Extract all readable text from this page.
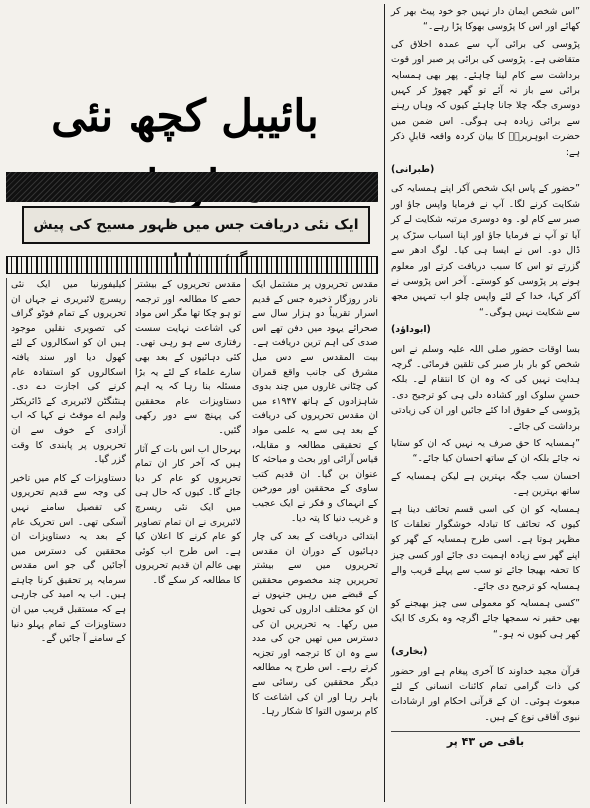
”اس شخص ایمان دار نہیں جو خود پیٹ بھر کر کھائے اور اس کا پڑوسی بھوکا پڑا رہے۔“

پڑوسی کی برائی آپ سے عمدہ اخلاق کی متقاضی ہے۔ پڑوسی کی برائی پر صبر اور قوت برداشت سے کام لینا چاہئے۔ پھر بھی ہمسایہ برائی سے باز نہ آئے تو گھر چھوڑ کر کہیں دوسری جگہ چلا جانا چاہئے کیوں کہ وہاں رہنے سے برائی زیادہ ہی ہوگی۔ اس ضمن میں حضرت ابوہریرہؓ کا بیان کردہ واقعہ قابلِ ذکر ہے:

(طبرانی)

”حضور کے پاس ایک شخص آکر اپنے ہمسایہ کی شکایت کرنے لگا۔ آپ نے فرمایا واپس جاؤ اور صبر سے کام لو۔ وہ دوسری مرتبہ شکایت لے کر آیا تو آپ نے فرمایا جاؤ اور اپنا اسباب سڑک پر ڈال دو۔ اس نے ایسا ہی کیا۔ لوگ ادھر سے گزرتے تو اس کا سبب دریافت کرتے اور معلوم ہونے پر پڑوسی کو کوستے۔ آخر اس پڑوسی نے آکر کہا، خدا کے لئے واپس چلو اب تمہیں مجھ سے شکایت نہیں ہوگی۔“

(ابوداؤد)

بسا اوقات حضور صلی اللہ علیہ وسلم نے اس شخص کو بار بار صبر کی تلقین فرمائی۔ گرچہ ہدایت نہیں کی کہ وہ ان کا انتقام لے۔ بلکہ حسنِ سلوک اور کشادہ دلی ہی کو ترجیح دی۔ پڑوسی کے حقوق ادا کئے جائیں اور ان کی زیادتی برداشت کی جائے۔

”ہمسایہ کا حق صرف یہ نہیں کہ ان کو ستایا نہ جائے بلکہ ان کے ساتھ احسان کیا جائے۔“

احسان سب جگہ بہترین ہے لیکن ہمسایہ کے ساتھ بہترین ہے۔

ہمسایہ کو ان کی اسی قسم تحائف دینا ہے کیوں کہ تحائف کا تبادلہ خوشگوار تعلقات کا مظہر ہوتا ہے۔ اسی طرح ہمسایہ کے گھر کو اپنے گھر سے زیادہ اہمیت دی جائے اور کسی چیز کا تحفہ بھیجا جائے تو سب سے پہلے قریب والے ہمسایہ کو ترجیح دی جائے۔

”کسی ہمسایہ کو معمولی سی چیز بھیجنے کو بھی حقیر نہ سمجھا جائے اگرچہ وہ بکری کا ایک کھر ہی کیوں نہ ہو۔“

(بخاری)

قرآن مجید خداوند کا آخری پیغام ہے اور حضور کی ذات گرامی تمام کائنات انسانی کے لئے مبعوث ہوئی۔ ان کے قرآنی احکام اور ارشادات نبوی آفاقی نوع کے ہیں۔

باقی ص ۴۳ پر
بائیبل کچھ نئی
ایک نئی دریافت جس میں ظہور مسیح کی پیش

مقدس تحریروں پر مشتمل ایک نادر روزگار ذخیرہ جس کے قدیم اسرار تقریباً دو ہزار سال سے صحرائے یہود میں دفن تھے اس صدی کی اہم ترین دریافت ہے۔ بیت المقدس سے دس میل مشرق کی جانب واقع قمران کی چٹانی غاروں میں چند بدوی شاہزادوں کے ہاتھ ۱۹۴۷ء میں ان مقدس تحریروں کی دریافت کے بعد ہی سے یہ علمی مواد کے تحقیقی مطالعہ و مقابلہ، قیاس آرائی اور بحث و مباحثہ کا عنوان بن گیا۔ ان قدیم کتب ساوی کے محققین اور مورخین کے انہماک و فکر نے ایک عجیب و غریب دنیا کا پتہ دیا۔

ابتدائی دریافت کے بعد کی چار دہائیوں کے دوران ان مقدس تحریروں میں سے بیشتر تحریریں چند مخصوص محققین کے قبضے میں رہیں جنہوں نے ان کو مختلف اداروں کی تحویل میں رکھا۔ یہ تحریریں ان کی دسترس میں تھیں جن کی مدد سے وہ ان کا ترجمہ اور تجزیہ کرتے رہے۔ اس طرح یہ مطالعہ دیگر محققین کی رسائی سے باہر رہا اور ان کی اشاعت کا کام برسوں التوا کا شکار رہا۔

مقدس تحریروں کے بیشتر حصے کا مطالعہ اور ترجمہ تو ہو چکا تھا مگر اس مواد کی اشاعت نہایت سست رفتاری سے ہو رہی تھی۔ کئی دہائیوں کے بعد بھی سارے علماء کے لئے یہ بڑا مسئلہ بنا رہا کہ یہ اہم دستاویزات عام محققین کی پہنچ سے دور رکھی گئیں۔

بہرحال اب اس بات کے آثار ہیں کہ آخر کار ان تمام تحریروں کو عام کر دیا جائے گا۔ کیوں کہ حال ہی میں ایک نئی ریسرچ لائبریری نے ان تمام تصاویر کو عام کرنے کا اعلان کیا ہے۔ اس طرح اب کوئی بھی عالم ان قدیم تحریروں کا مطالعہ کر سکے گا۔

کیلیفورنیا میں ایک نئی ریسرچ لائبریری نے جہاں ان تحریروں کے تمام فوٹو گراف کی تصویری نقلیں موجود ہیں ان کو اسکالروں کے لئے کھول دیا اور سند یافتہ اسکالروں کو استفادہ عام کرنے کی اجازت دے دی۔ ہنٹنگٹن لائبریری کے ڈائریکٹر ولیم اے موفٹ نے کہا کہ اب آزادی کے خوف سے ان تحریروں پر پابندی کا وقت گزر گیا۔

دستاویزات کے کام میں تاخیر کی وجہ سے قدیم تحریروں کی تفصیل سامنے نہیں آسکی تھی۔ اس تحریک عام کے بعد یہ دستاویزات ان محققین کی دسترس میں آجائیں گی جو اس مقدس سرمایہ پر تحقیق کرنا چاہتے ہیں۔ اب یہ امید کی جارہی ہے کہ مستقبل قریب میں ان دستاویزات کے تمام پہلو دنیا کے سامنے آ جائیں گے۔
